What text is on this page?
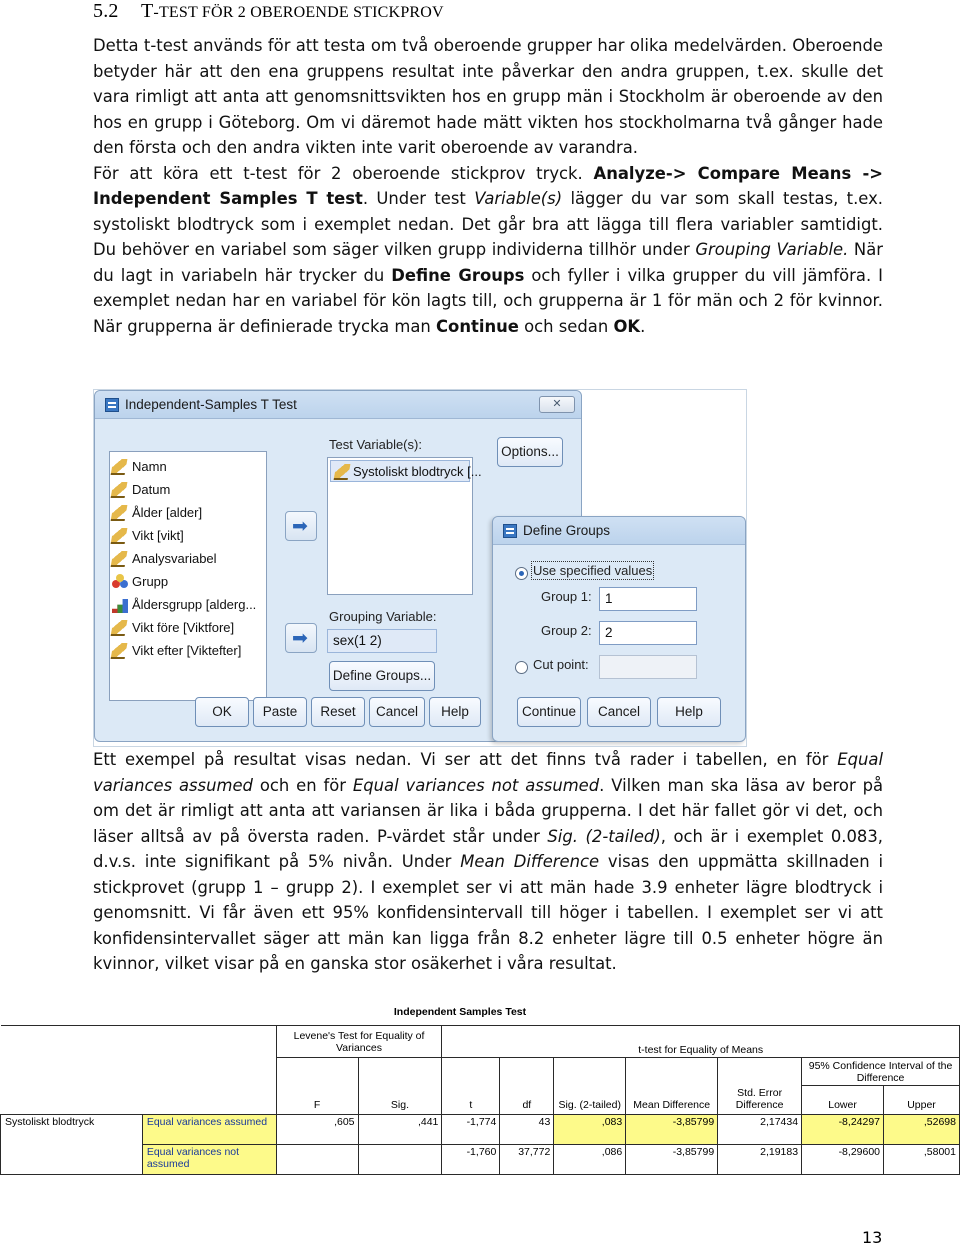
5.2 T-TEST FÖR 2 OBEROENDE STICKPROV
Detta t-test används för att testa om två oberoende grupper har olika medelvärden. Oberoende betyder här att den ena gruppens resultat inte påverkar den andra gruppen, t.ex. skulle det vara rimligt att anta att genomsnittsvikten hos en grupp män i Stockholm är oberoende av den hos en grupp i Göteborg. Om vi däremot hade mätt vikten hos stockholmarna två gånger hade den första och den andra vikten inte varit oberoende av varandra.
För att köra ett t-test för 2 oberoende stickprov tryck. Analyze-> Compare Means -> Independent Samples T test. Under test Variable(s) lägger du var som skall testas, t.ex. systoliskt blodtryck som i exemplet nedan. Det går bra att lägga till flera variabler samtidigt. Du behöver en variabel som säger vilken grupp individerna tillhör under Grouping Variable. När du lagt in variabeln här trycker du Define Groups och fyller i vilka grupper du vill jämföra. I exemplet nedan har en variabel för kön lagts till, och grupperna är 1 för män och 2 för kvinnor. När grupperna är definierade trycka man Continue och sedan OK.
Independent-Samples T Test	✕
Namn
Datum
Ålder [alder]
Vikt [vikt]
Analysvariabel
Grupp
Åldersgrupp [alderg...
Vikt före [Viktfore]
Vikt efter [Viktefter]
Test Variable(s):
Systoliskt blodtryck [...
Options...
➡
Grouping Variable:
sex(1 2)
➡
Define Groups...
OK	Paste	Reset	Cancel	Help
Define Groups
Use specified values
Group 1: 1
Group 2: 2
Cut point:
Continue	Cancel	Help
Ett exempel på resultat visas nedan. Vi ser att det finns två rader i tabellen, en för Equal variances assumed och en för Equal variances not assumed. Vilken man ska läsa av beror på om det är rimligt att anta att variansen är lika i båda grupperna. I det här fallet gör vi det, och läser alltså av på översta raden. P-värdet står under Sig. (2-tailed), och är i exemplet 0.083, d.v.s. inte signifikant på 5% nivån. Under Mean Difference visas den uppmätta skillnaden i stickprovet (grupp 1 – grupp 2). I exemplet ser vi att män hade 3.9 enheter lägre blodtryck i genomsnitt. Vi får även ett 95% konfidensintervall till höger i tabellen. I exemplet ser vi att konfidensintervallet säger att män kan ligga från 8.2 enheter lägre till 0.5 enheter högre än kvinnor, vilket visar på en ganska stor osäkerhet i våra resultat.
Independent Samples Test
		Levene's Test for Equality of Variances		t-test for Equality of Means						
		F	Sig.	t	df	Sig. (2-tailed)	Mean Difference	Std. Error Difference	95% Confidence Interval of the Difference	
									Lower	Upper
Systoliskt blodtryck	Equal variances assumed	,605	,441	-1,774	43	,083	-3,85799	2,17434	-8,24297	,52698
	Equal variances not assumed			-1,760	37,772	,086	-3,85799	2,19183	-8,29600	,58001
13
